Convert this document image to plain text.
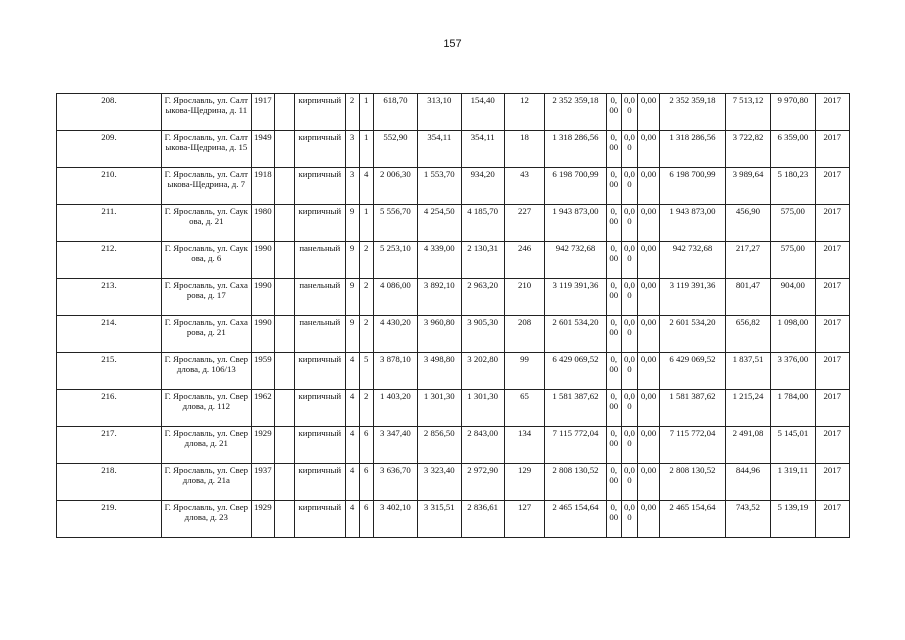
157
208.	Г. Ярославль, ул. Салтыкова-Щедрина, д. 11	1917		кирпичный	2	1	618,70	313,10	154,40	12	2 352 359,18	0,00	0,00	0,00	2 352 359,18	7 513,12	9 970,80	2017
209.	Г. Ярославль, ул. Салтыкова-Щедрина, д. 15	1949		кирпичный	3	1	552,90	354,11	354,11	18	1 318 286,56	0,00	0,00	0,00	1 318 286,56	3 722,82	6 359,00	2017
210.	Г. Ярославль, ул. Салтыкова-Щедрина, д. 7	1918		кирпичный	3	4	2 006,30	1 553,70	934,20	43	6 198 700,99	0,00	0,00	0,00	6 198 700,99	3 989,64	5 180,23	2017
211.	Г. Ярославль, ул. Саукова, д. 21	1980		кирпичный	9	1	5 556,70	4 254,50	4 185,70	227	1 943 873,00	0,00	0,00	0,00	1 943 873,00	456,90	575,00	2017
212.	Г. Ярославль, ул. Саукова, д. 6	1990		панельный	9	2	5 253,10	4 339,00	2 130,31	246	942 732,68	0,00	0,00	0,00	942 732,68	217,27	575,00	2017
213.	Г. Ярославль, ул. Сахарова, д. 17	1990		панельный	9	2	4 086,00	3 892,10	2 963,20	210	3 119 391,36	0,00	0,00	0,00	3 119 391,36	801,47	904,00	2017
214.	Г. Ярославль, ул. Сахарова, д. 21	1990		панельный	9	2	4 430,20	3 960,80	3 905,30	208	2 601 534,20	0,00	0,00	0,00	2 601 534,20	656,82	1 098,00	2017
215.	Г. Ярославль, ул. Свердлова, д. 106/13	1959		кирпичный	4	5	3 878,10	3 498,80	3 202,80	99	6 429 069,52	0,00	0,00	0,00	6 429 069,52	1 837,51	3 376,00	2017
216.	Г. Ярославль, ул. Свердлова, д. 112	1962		кирпичный	4	2	1 403,20	1 301,30	1 301,30	65	1 581 387,62	0,00	0,00	0,00	1 581 387,62	1 215,24	1 784,00	2017
217.	Г. Ярославль, ул. Свердлова, д. 21	1929		кирпичный	4	6	3 347,40	2 856,50	2 843,00	134	7 115 772,04	0,00	0,00	0,00	7 115 772,04	2 491,08	5 145,01	2017
218.	Г. Ярославль, ул. Свердлова, д. 21а	1937		кирпичный	4	6	3 636,70	3 323,40	2 972,90	129	2 808 130,52	0,00	0,00	0,00	2 808 130,52	844,96	1 319,11	2017
219.	Г. Ярославль, ул. Свердлова, д. 23	1929		кирпичный	4	6	3 402,10	3 315,51	2 836,61	127	2 465 154,64	0,00	0,00	0,00	2 465 154,64	743,52	5 139,19	2017
